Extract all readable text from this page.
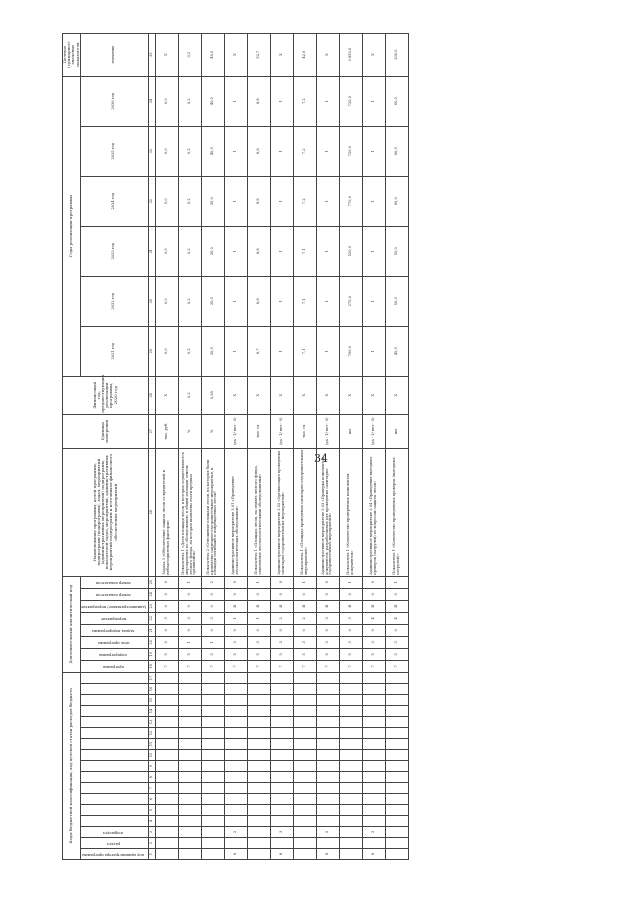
34
Коды бюджетной классификации, код целевой статьи расходов бюджета																	Дополнительный аналитический код								Наименование программы, целей программы, подпрограмм (подпрограмм), задач, мероприятий (административных мероприятий) подпрограмм, показателей задач, мероприятий, административных мероприятий подпрограмм и источников финансового обеспечения мероприятий	Единица измерения	Финансовый год, предшествующий реализации программы, 2020 год	Годы реализации программы						Целевое (суммарное) значение показателя	
код администратора программы	раздел	подраздел															программа	подпрограмма	цель программы	задача подпрограммы	мероприятие	(административное) мероприятие	номер показателя	номер показателя				2021 год	2022 год	2023 год	2024 год	2025 год	2026 год	значение	
1	2	3	4	5	6	7	8	9	10	11	12	13	14	15	16	17	18	19	20	21	22	23	24	25	26	27	28	29	30	31	32	33	34	35		
																	7	5	0	0	3	0	0	0	Задача 3 «Обеспечение защиты лесов от вредителей и неблагоприятных факторов»	тыс. руб.	X	0,0	0,0	0,0	0,0	0,0	0,0	X	
																	7	5	1	0	3	0	0	1	Показатель 1 «Доля площади лесов, в которых осуществляются мероприятия по обследованию, в общей площади земель лесного фонда, на которых выявлены очаги вредных организмов»	%	0,2	0,2	0,2	0,2	0,2	0,2	0,2	0,2	
																	7	5	1	0	3	0	0	2	Показатель 2 «Отношение площади лесов, на которых были проведены санитарно-оздоровительные мероприятия, к площади погибших и поврежденных лесов»	%	0,28	30,0	35,0	35,0	35,0	40,0	40,0	40,0	
8		2															7	5	3	0	1	Я	0	0	Административное мероприятие 3.01 «Проведение лесопатологических обследований»	(да - 1/ нет - 0)	X	1	1	1	1	1	1	X	
																	7	5	3	0	1	Я	0	1	Показатель 1 «Площадь лесов, на землях лесного фонда, охваченных лесопатологическими обследованиями»	тыс. га	X	8,7	8,8	8,8	8,8	8,8	8,8	52,7	
8		3															7	5	3	0	2	Я	0	0	Административное мероприятие 3.02 «Организация проведения санитарно-оздоровительных мероприятий»	(да - 1/ нет - 0)	X	1	1	1	1	1	1	X	
																	7	5	3	0	2	Я	0	1	Показатель 1 «Площадь проведения санитарно-оздоровительных мероприятий»	тыс. га	X	7,1	7,1	7,1	7,2	7,2	7,2	42,9	
8		2															7	5	3	0	3	Я	0	0	Административное мероприятие 3.03 «Проверка комплектов документов, разработанных для проведения санитарно-оздоровительных мероприятий»	(да - 1/ нет - 0)	X	1	1	1	1	1	1	X	
																	7	5	3	0	3	Я	0	1	Показатель 1 «Количество проверенных комплектов документов»	шт	X	700,0	270,0	520,0	770,0	720,0	720,0	3 850,0	
8		3															7	5	3	0	4	Я	0	0	Административное мероприятие 3.04 «Проведение выездных проверок (патрулей) по вопросам защиты лесов»	(да - 1/ нет - 0)	X	1	1	1	1	1	1	X	
																	7	5	3	0	4	Я	0	1	Показатель 1 «Количество проведенных проверок (выездных патрулей)»	шт	X	45,0	50,0	55,0	60,0	60,0	60,0	330,0	
